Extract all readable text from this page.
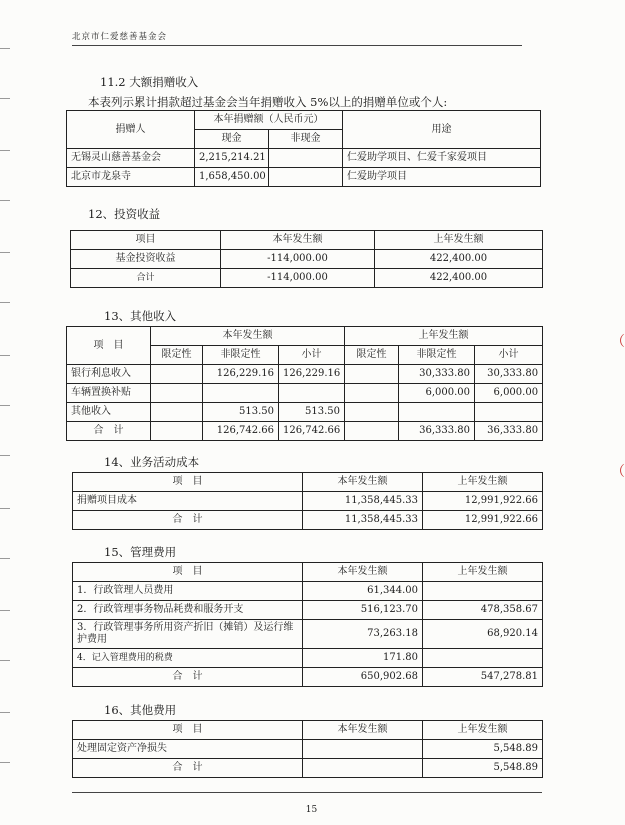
（
（
北京市仁爱慈善基金会
11.2 大额捐赠收入
本表列示累计捐款超过基金会当年捐赠收入 5%以上的捐赠单位或个人:
捐赠人	本年捐赠额（人民币元）		用途
	现金	非现金	
无锡灵山慈善基金会	2,215,214.21		仁爱助学项目、仁爱千家爱项目
北京市龙泉寺	1,658,450.00		仁爱助学项目
12、投资收益
项目	本年发生额	上年发生额
基金投资收益	-114,000.00	422,400.00
合计	-114,000.00	422,400.00
13、其他收入
项　目	本年发生额			上年发生额		
	限定性	非限定性	小计	限定性	非限定性	小计
银行利息收入		126,229.16	126,229.16		30,333.80	30,333.80
车辆置换补贴					6,000.00	6,000.00
其他收入		513.50	513.50			
合　计		126,742.66	126,742.66		36,333.80	36,333.80
14、业务活动成本
项　目	本年发生额	上年发生额
捐赠项目成本	11,358,445.33	12,991,922.66
合　计	11,358,445.33	12,991,922.66
15、管理费用
项　目	本年发生额	上年发生额
1．行政管理人员费用	61,344.00	
2．行政管理事务物品耗费和服务开支	516,123.70	478,358.67
3．行政管理事务所用资产折旧（摊销）及运行维护费用	73,263.18	68,920.14
4．记入管理费用的税费	171.80	
合　计	650,902.68	547,278.81
16、其他费用
项　目	本年发生额	上年发生额
处理固定资产净损失		5,548.89
合　计		5,548.89
15
